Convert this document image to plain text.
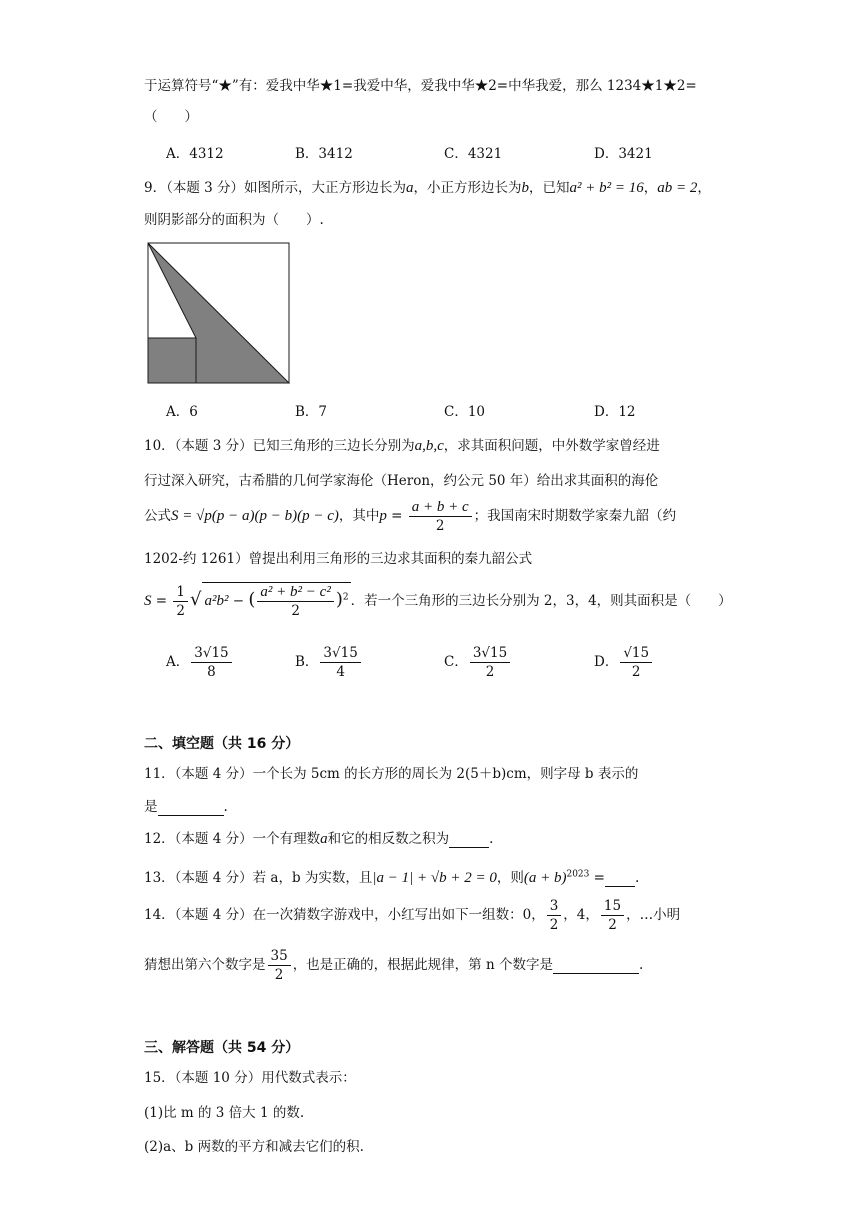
于运算符号“★”有：爱我中华★1=我爱中华，爱我中华★2=中华我爱，那么 1234★1★2=
（　　）
A．4312	B．3412	C．4321	D．3421
9．（本题 3 分）如图所示，大正方形边长为a，小正方形边长为b，已知a² + b² = 16，ab = 2，
则阴影部分的面积为（　　）.
A．6	B．7	C．10	D．12
10．（本题 3 分）已知三角形的三边长分别为a,b,c，求其面积问题，中外数学家曾经进
行过深入研究，古希腊的几何学家海伦（Heron，约公元 50 年）给出求其面积的海伦
公式S = √p(p − a)(p − b)(p − c)，其中$p = \frac{a + b + c}{2}$ ；我国南宋时期数学家秦九韶（约
1202-约 1261）曾提出利用三角形的三边求其面积的秦九韶公式
$S = \frac{1}{2}$ √ a²b² − ( $\frac{\text{a² + b² − c²}}{2} )^2$ ．若一个三角形的三边长分别为 2，3，4，则其面积是（　　）
A． $\frac{3√15}{8}$	B． $\frac{3√15}{4}$	C． $\frac{3√15}{2}$	D． $\frac{√15}{2}$
二、填空题（共 16 分）
11．（本题 4 分）一个长为 5cm 的长方形的周长为 2(5＋b)cm，则字母 b 表示的
是	.
12．（本题 4 分）一个有理数a和它的相反数之积为	.
13．（本题 4 分）若 a，b 为实数，且|a − 1| + √b + 2 = 0，则$(a + b)^{2023}$ = .
14．（本题 4 分）在一次猜数字游戏中，小红写出如下一组数：0， $\frac{3}{2}$ ，4， $\frac{15}{2}$ ，…小明
猜想出第六个数字是 $\frac{35}{2}$ ，也是正确的，根据此规律，第 n 个数字是	.
三、解答题（共 54 分）
15．（本题 10 分）用代数式表示：
(1)比 m 的 3 倍大 1 的数.
(2)a、b 两数的平方和减去它们的积.
